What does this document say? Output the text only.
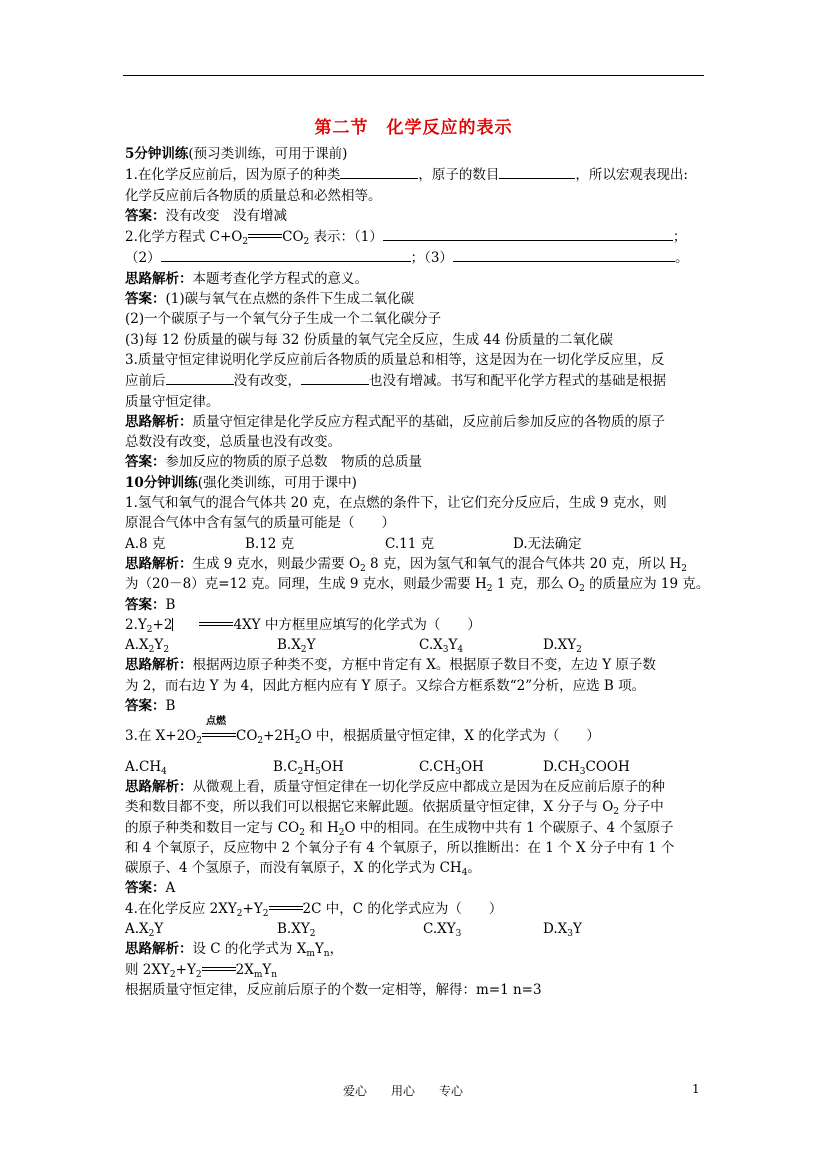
第二节　化学反应的表示
5分钟训练(预习类训练，可用于课前)
1.在化学反应前后，因为原子的种类	，原子的数目	，所以宏观表现出:
化学反应前后各物质的质量总和必然相等。
答案：没有改变　没有增减
2.化学方程式 $C+O_2$	$CO_2$ 表示：（1）	；
（2）	；（3）	。
思路解析：本题考查化学方程式的意义。
答案：(1)碳与氧气在点燃的条件下生成二氧化碳
(2)一个碳原子与一个氧气分子生成一个二氧化碳分子
(3)每 12 份质量的碳与每 32 份质量的氧气完全反应，生成 44 份质量的二氧化碳
3.质量守恒定律说明化学反应前后各物质的质量总和相等，这是因为在一切化学反应里，反
应前后	没有改变，	也没有增减。书写和配平化学方程式的基础是根据
质量守恒定律。
思路解析：质量守恒定律是化学反应方程式配平的基础，反应前后参加反应的各物质的原子
总数没有改变，总质量也没有改变。
答案：参加反应的物质的原子总数　物质的总质量
10分钟训练(强化类训练，可用于课中)
1.氢气和氧气的混合气体共 20 克，在点燃的条件下，让它们充分反应后，生成 9 克水，则
原混合气体中含有氢气的质量可能是（　　）
A.8 克	B.12 克	C.11 克	D.无法确定
思路解析：生成 9 克水，则最少需要 $O_2$ 8 克，因为氢气和氧气的混合气体共 20 克，所以 $H_2$
为（20－8）克=12 克。同理，生成 9 克水，则最少需要 $H_2$ 1 克，那么 $O_2$ 的质量应为 19 克。
答案：B
$2.Y_2+2$	4XY 中方框里应填写的化学式为（　　）
$A.X_2Y_2$	$B.X_2Y$	$C.X_3Y_4$	$D.XY_2$
思路解析：根据两边原子种类不变，方框中肯定有 X。根据原子数目不变，左边 Y 原子数
为 2，而右边 Y 为 4，因此方框内应有 Y 原子。又综合方框系数“2”分析，应选 B 项。
答案：B
3.在 $X+2O_2$
点燃
$CO_2+2H_2O$ 中，根据质量守恒定律，X 的化学式为（　　）
$A.CH_4$	$B.C_2H_5OH$	$C.CH_3OH$	$D.CH_3COOH$
思路解析：从微观上看，质量守恒定律在一切化学反应中都成立是因为在反应前后原子的种
类和数目都不变，所以我们可以根据它来解此题。依据质量守恒定律，X 分子与 $O_2$ 分子中
的原子种类和数目一定与 $CO_2$ 和 $H_2O$ 中的相同。在生成物中共有 1 个碳原子、4 个氢原子
和 4 个氧原子，反应物中 2 个氧分子有 4 个氧原子，所以推断出：在 1 个 X 分子中有 1 个
碳原子、4 个氢原子，而没有氧原子，X 的化学式为 $CH_4$。
答案：A
4.在化学反应 $2XY_2+Y_2$	2C 中，C 的化学式应为（　　）
$A.X_2Y$	$B.XY_2$	$C.XY_3$	$D.X_3Y$
思路解析：设 C 的化学式为 $X_mY_n$，
则 $2XY_2+Y_2$	$2X_mY_n$
根据质量守恒定律，反应前后原子的个数一定相等，解得：m=1 n=3
爱心　　用心　　专心	1
